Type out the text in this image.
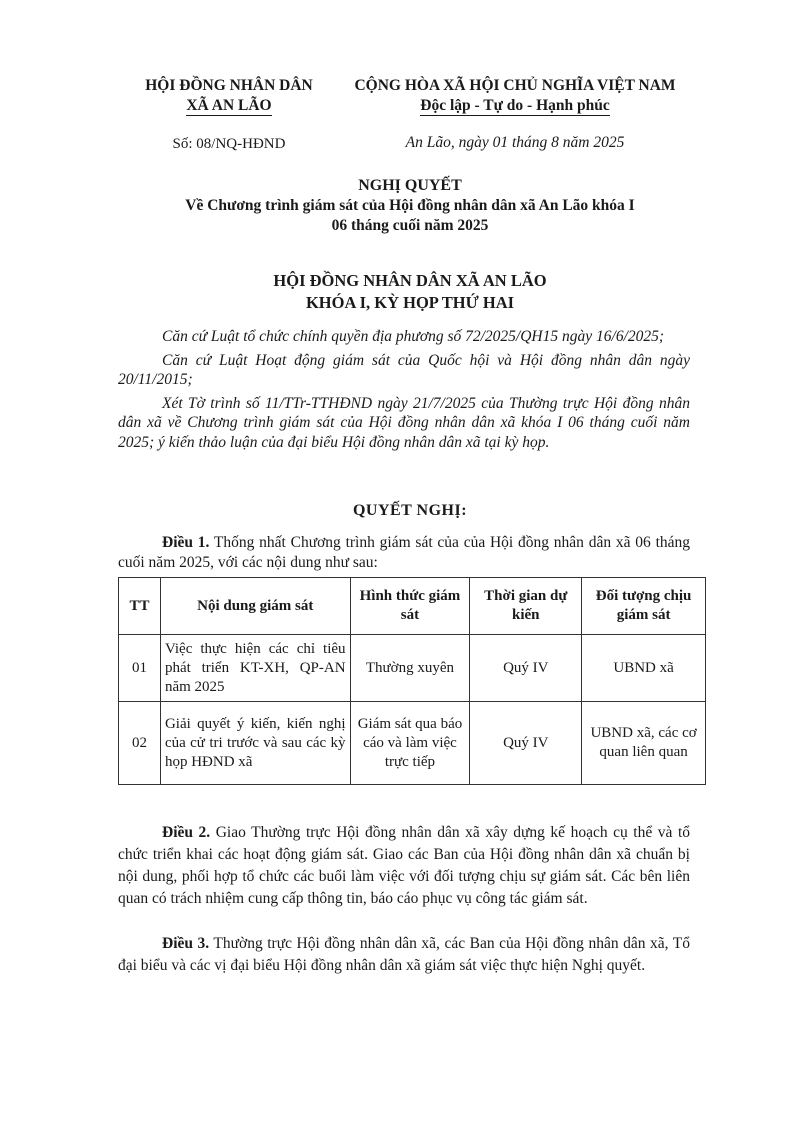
HỘI ĐỒNG NHÂN DÂN
XÃ AN LÃO
CỘNG HÒA XÃ HỘI CHỦ NGHĨA VIỆT NAM
Độc lập - Tự do - Hạnh phúc
Số: 08/NQ-HĐND	An Lão, ngày 01 tháng 8 năm 2025
NGHỊ QUYẾT
Về Chương trình giám sát của Hội đồng nhân dân xã An Lão khóa I
06 tháng cuối năm 2025
HỘI ĐỒNG NHÂN DÂN XÃ AN LÃO
KHÓA I, KỲ HỌP THỨ HAI

Căn cứ Luật tổ chức chính quyền địa phương số 72/2025/QH15 ngày 16/6/2025;

Căn cứ Luật Hoạt động giám sát của Quốc hội và Hội đồng nhân dân ngày 20/11/2015;

Xét Tờ trình số 11/TTr-TTHĐND ngày 21/7/2025 của Thường trực Hội đồng nhân dân xã về Chương trình giám sát của Hội đồng nhân dân xã khóa I 06 tháng cuối năm 2025; ý kiến thảo luận của đại biểu Hội đồng nhân dân xã tại kỳ họp.

QUYẾT NGHỊ:

Điều 1. Thống nhất Chương trình giám sát của của Hội đồng nhân dân xã 06 tháng cuối năm 2025, với các nội dung như sau:

TT	Nội dung giám sát	Hình thức giám sát	Thời gian dự kiến	Đối tượng chịu giám sát
01	Việc thực hiện các chỉ tiêu phát triển KT-XH, QP-AN năm 2025	Thường xuyên	Quý IV	UBND xã
02	Giải quyết ý kiến, kiến nghị của cử tri trước và sau các kỳ họp HĐND xã	Giám sát qua báo cáo và làm việc trực tiếp	Quý IV	UBND xã, các cơ quan liên quan

Điều 2. Giao Thường trực Hội đồng nhân dân xã xây dựng kế hoạch cụ thể và tổ chức triển khai các hoạt động giám sát. Giao các Ban của Hội đồng nhân dân xã chuẩn bị nội dung, phối hợp tổ chức các buổi làm việc với đối tượng chịu sự giám sát. Các bên liên quan có trách nhiệm cung cấp thông tin, báo cáo phục vụ công tác giám sát.

Điều 3. Thường trực Hội đồng nhân dân xã, các Ban của Hội đồng nhân dân xã, Tổ đại biểu và các vị đại biểu Hội đồng nhân dân xã giám sát việc thực hiện Nghị quyết.
